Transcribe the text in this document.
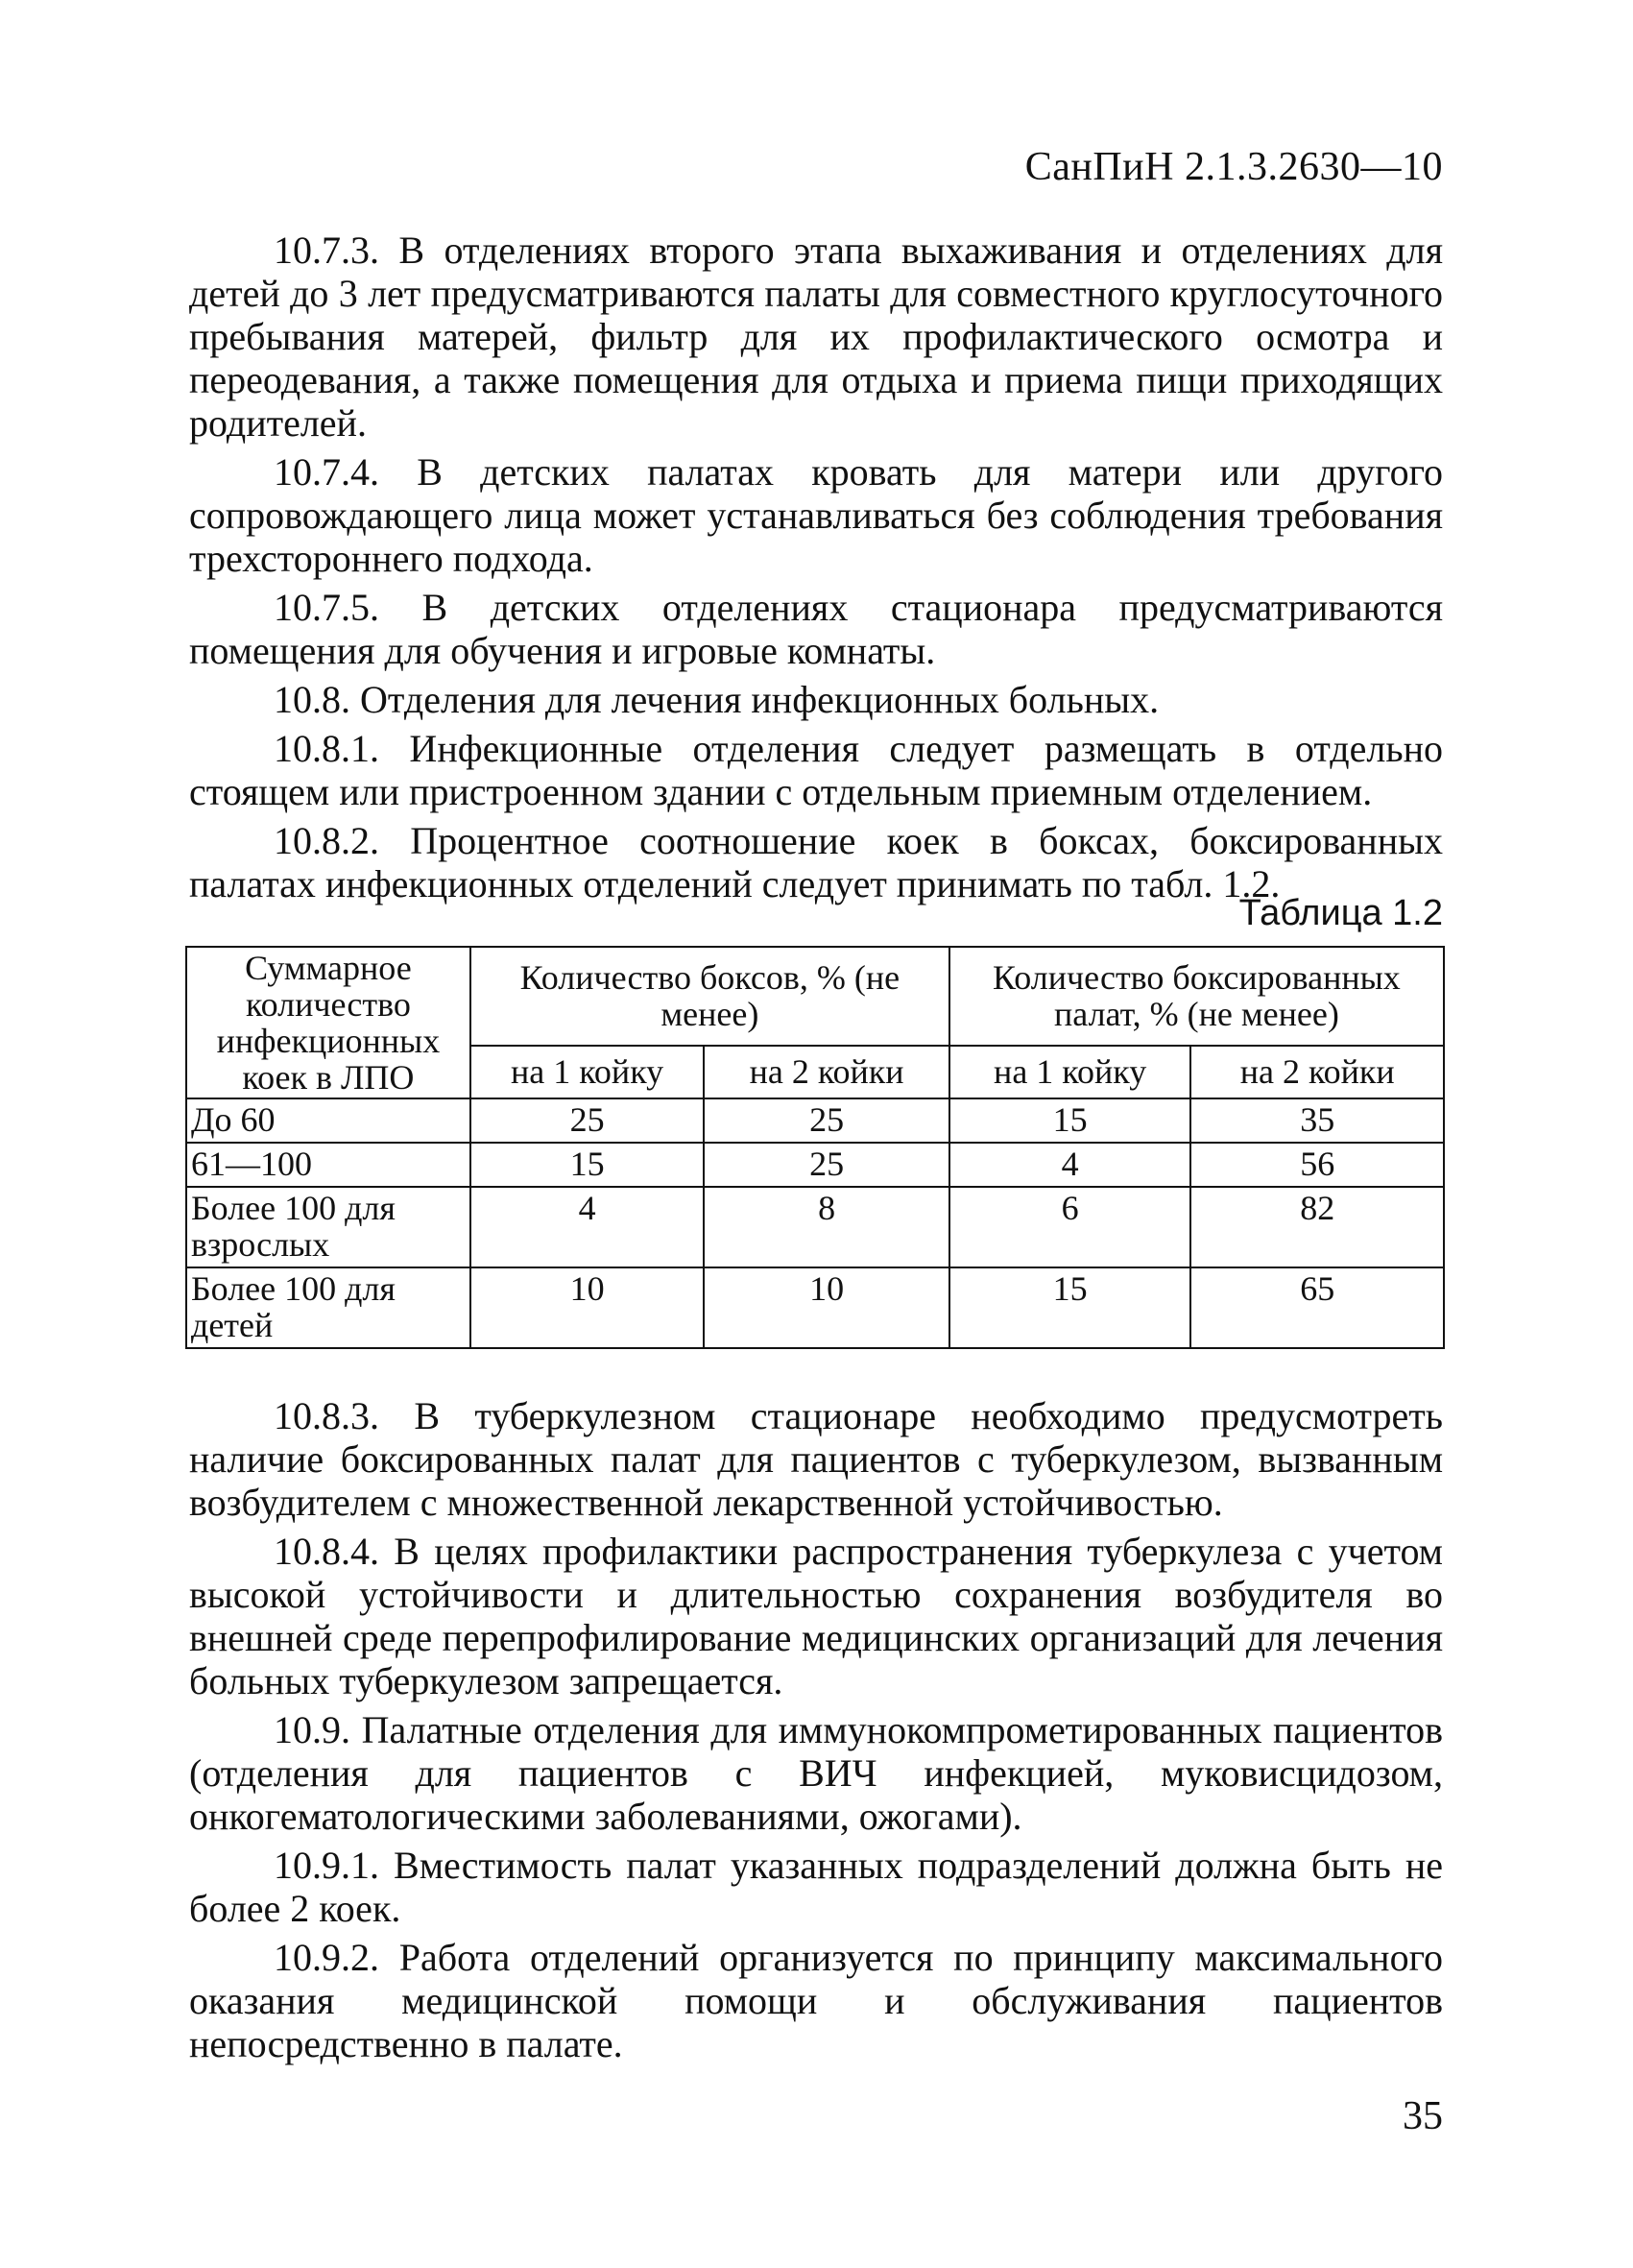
СанПиН 2.1.3.2630—10

10.7.3. В отделениях второго этапа выхаживания и отделениях для детей до 3 лет предусматриваются палаты для совместного круглосуточного пребывания матерей, фильтр для их профилактического осмотра и переодевания, а также помещения для отдыха и приема пищи приходящих родителей.

10.7.4. В детских палатах кровать для матери или другого сопровождающего лица может устанавливаться без соблюдения требования трехстороннего подхода.

10.7.5. В детских отделениях стационара предусматриваются помещения для обучения и игровые комнаты.

10.8. Отделения для лечения инфекционных больных.

10.8.1. Инфекционные отделения следует размещать в отдельно стоящем или пристроенном здании с отдельным приемным отделением.

10.8.2. Процентное соотношение коек в боксах, боксированных палатах инфекционных отделений следует принимать по табл. 1.2.

Таблица 1.2
Суммарное количество инфекционных коек в ЛПО	Количество боксов, % (не менее)		Количество боксированных палат, % (не менее)	
	на 1 койку	на 2 койки	на 1 койку	на 2 койки
До 60	25	25	15	35
61—100	15	25	4	56
Более 100 для взрослых	4	8	6	82
Более 100 для детей	10	10	15	65

10.8.3. В туберкулезном стационаре необходимо предусмотреть наличие боксированных палат для пациентов с туберкулезом, вызванным возбудителем с множественной лекарственной устойчивостью.

10.8.4. В целях профилактики распространения туберкулеза с учетом высокой устойчивости и длительностью сохранения возбудителя во внешней среде перепрофилирование медицинских организаций для лечения больных туберкулезом запрещается.

10.9. Палатные отделения для иммунокомпрометированных пациентов (отделения для пациентов с ВИЧ инфекцией, муковисцидозом, онкогематологическими заболеваниями, ожогами).

10.9.1. Вместимость палат указанных подразделений должна быть не более 2 коек.

10.9.2. Работа отделений организуется по принципу максимального оказания медицинской помощи и обслуживания пациентов непосредственно в палате.

35
